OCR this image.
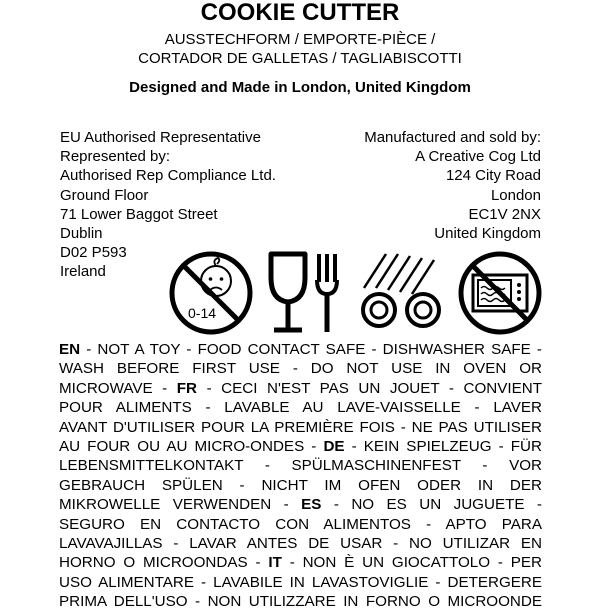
COOKIE CUTTER
AUSSTECHFORM / EMPORTE-PIÈCE /
CORTADOR DE GALLETAS / TAGLIABISCOTTI
Designed and Made in London, United Kingdom
EU Authorised Representative
Represented by:
Authorised Rep Compliance Ltd.
Ground Floor
71 Lower Baggot Street
Dublin
D02 P593
Ireland
Manufactured and sold by:
A Creative Cog Ltd
124 City Road
London
EC1V 2NX
United Kingdom
0-14
EN - NOT A TOY - FOOD CONTACT SAFE - DISHWASHER SAFE -
WASH BEFORE FIRST USE - DO NOT USE IN OVEN OR
MICROWAVE - FR - CECI N'EST PAS UN JOUET - CONVIENT
POUR ALIMENTS - LAVABLE AU LAVE-VAISSELLE - LAVER
AVANT D'UTILISER POUR LA PREMIÈRE FOIS - NE PAS UTILISER
AU FOUR OU AU MICRO-ONDES - DE - KEIN SPIELZEUG - FÜR
LEBENSMITTELKONTAKT - SPÜLMASCHINENFEST - VOR
GEBRAUCH SPÜLEN - NICHT IM OFEN ODER IN DER
MIKROWELLE VERWENDEN - ES - NO ES UN JUGUETE -
SEGURO EN CONTACTO CON ALIMENTOS - APTO PARA
LAVAVAJILLAS - LAVAR ANTES DE USAR - NO UTILIZAR EN
HORNO O MICROONDAS - IT - NON È UN GIOCATTOLO - PER
USO ALIMENTARE - LAVABILE IN LAVASTOVIGLIE - DETERGERE
PRIMA DELL'USO - NON UTILIZZARE IN FORNO O MICROONDE
